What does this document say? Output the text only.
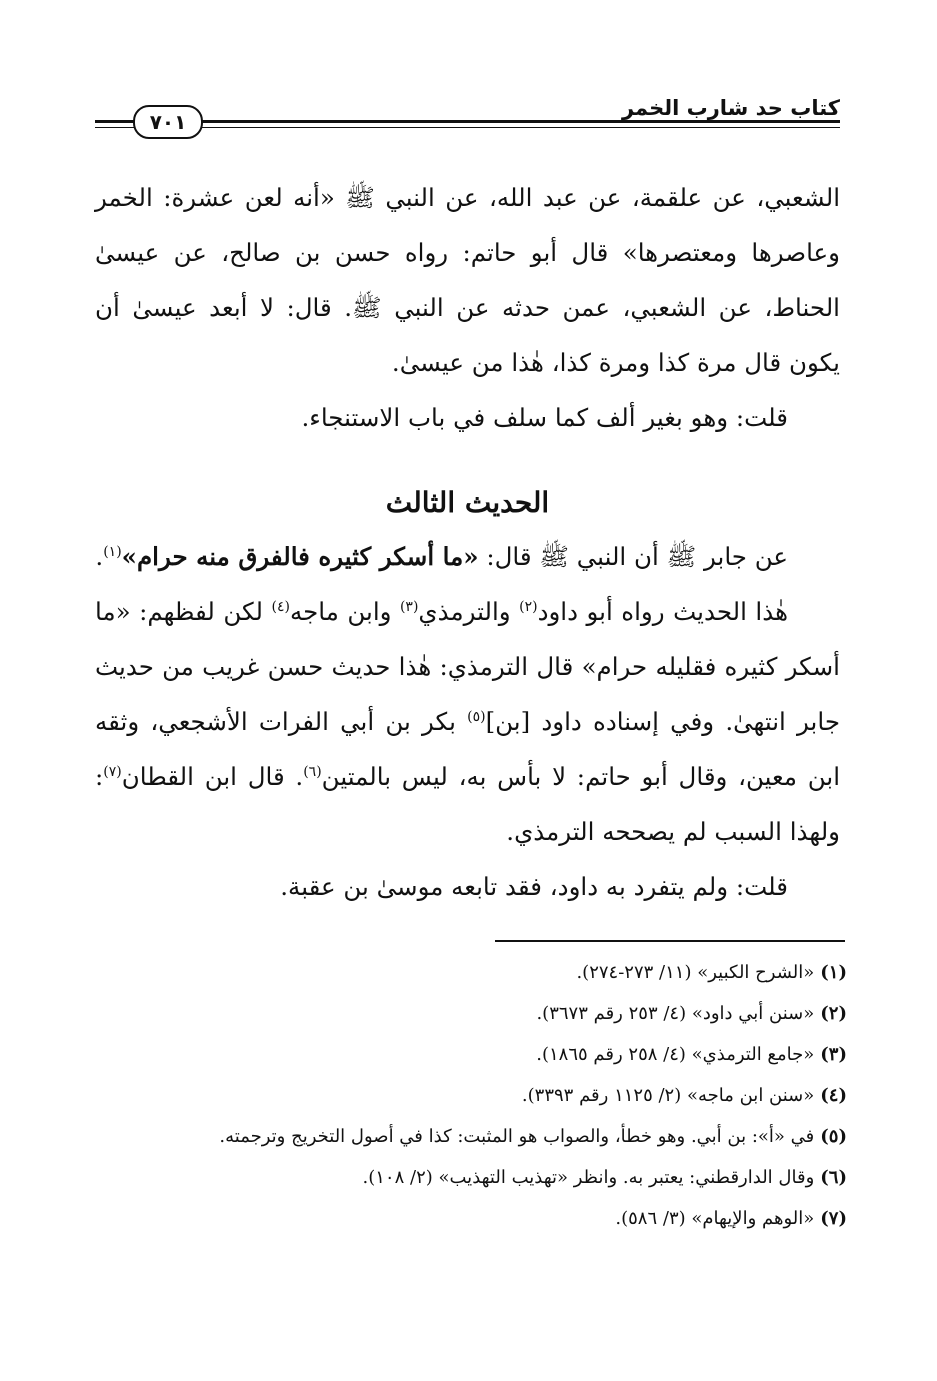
كتاب حد شارب الخمر
٧٠١

الشعبي، عن علقمة، عن عبد الله، عن النبي ﷺ «أنه لعن عشرة: الخمر وعاصرها ومعتصرها» قال أبو حاتم: رواه حسن بن صالح، عن عيسىٰ الحناط، عن الشعبي، عمن حدثه عن النبي ﷺ. قال: لا أبعد عيسىٰ أن يكون قال مرة كذا ومرة كذا، هٰذا من عيسىٰ.

قلت: وهو بغير ألف كما سلف في باب الاستنجاء.

الحديث الثالث

عن جابر ﷺ أن النبي ﷺ قال: «ما أسكر كثيره فالفرق منه حرام»$^{(١)}$.

هٰذا الحديث رواه أبو داود$^{(٢)}$ والترمذي$^{(٣)}$ وابن ماجه$^{(٤)}$ لكن لفظهم: «ما أسكر كثيره فقليله حرام» قال الترمذي: هٰذا حديث حسن غريب من حديث جابر انتهىٰ. وفي إسناده داود [بن]$^{(٥)}$ بكر بن أبي الفرات الأشجعي، وثقه ابن معين، وقال أبو حاتم: لا بأس به، ليس بالمتين$^{(٦)}$. قال ابن القطان$^{(٧)}$: ولهذا السبب لم يصححه الترمذي.

قلت: ولم يتفرد به داود، فقد تابعه موسىٰ بن عقبة.

(١)«الشرح الكبير» (١١/ ٢٧٣-٢٧٤).

(٢)«سنن أبي داود» (٤/ ٢٥٣ رقم ٣٦٧٣).

(٣)«جامع الترمذي» (٤/ ٢٥٨ رقم ١٨٦٥).

(٤)«سنن ابن ماجه» (٢/ ١١٢٥ رقم ٣٣٩٣).

(٥)في «أ»: بن أبي. وهو خطأ، والصواب هو المثبت: كذا في أصول التخريج وترجمته.

(٦)وقال الدارقطني: يعتبر به. وانظر «تهذيب التهذيب» (٢/ ١٠٨).

(٧)«الوهم والإيهام» (٣/ ٥٨٦).
